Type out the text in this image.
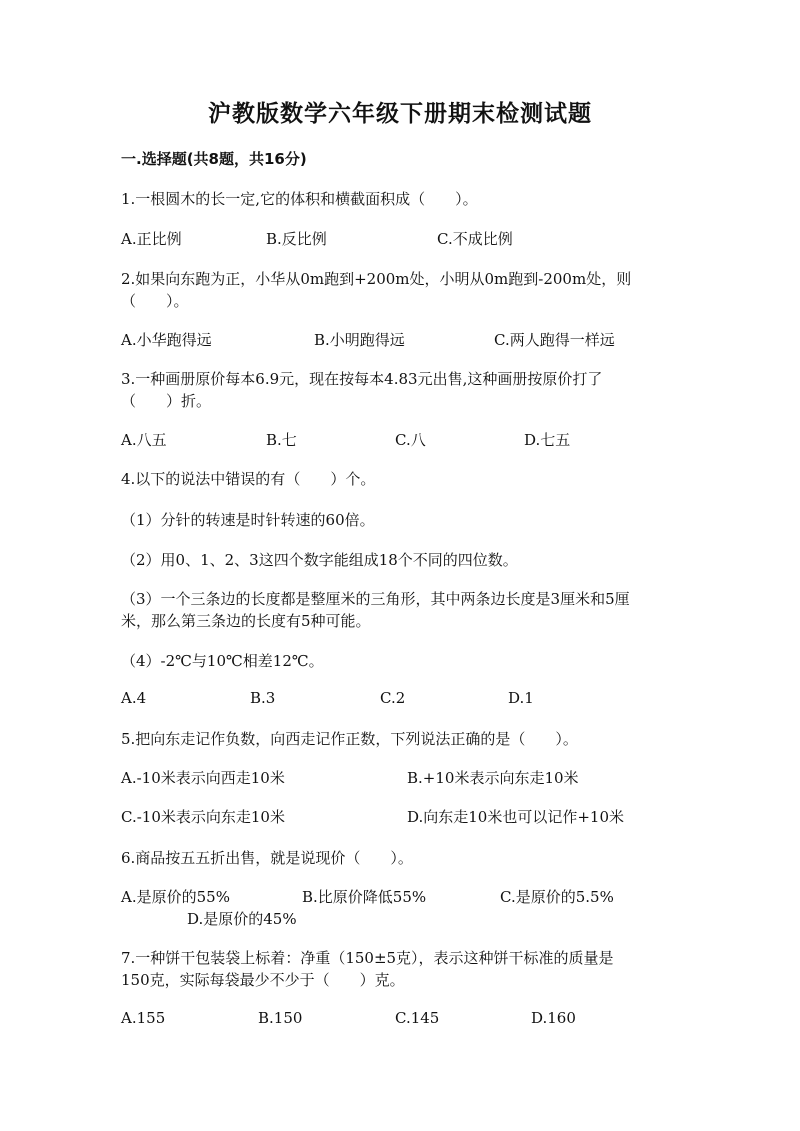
沪教版数学六年级下册期末检测试题
一.选择题(共8题，共16分)
1.一根圆木的长一定,它的体积和横截面积成（　　）。
A.正比例	B.反比例	C.不成比例
2.如果向东跑为正，小华从0m跑到+200m处，小明从0m跑到-200m处，则
（　　）。
A.小华跑得远	B.小明跑得远	C.两人跑得一样远
3.一种画册原价每本6.9元，现在按每本4.83元出售,这种画册按原价打了
（　　）折。
A.八五	B.七	C.八	D.七五
4.以下的说法中错误的有（　　）个。
（1）分针的转速是时针转速的60倍。
（2）用0、1、2、3这四个数字能组成18个不同的四位数。
（3）一个三条边的长度都是整厘米的三角形，其中两条边长度是3厘米和5厘
米，那么第三条边的长度有5种可能。
（4）-2℃与10℃相差12℃。
A.4	B.3	C.2	D.1
5.把向东走记作负数，向西走记作正数，下列说法正确的是（　　）。
A.-10米表示向西走10米	B.+10米表示向东走10米
C.-10米表示向东走10米	D.向东走10米也可以记作+10米
6.商品按五五折出售，就是说现价（　　）。
A.是原价的55%	B.比原价降低55%	C.是原价的5.5%
D.是原价的45%
7.一种饼干包装袋上标着：净重（150±5克），表示这种饼干标准的质量是
150克，实际每袋最少不少于（　　）克。
A.155	B.150	C.145	D.160
